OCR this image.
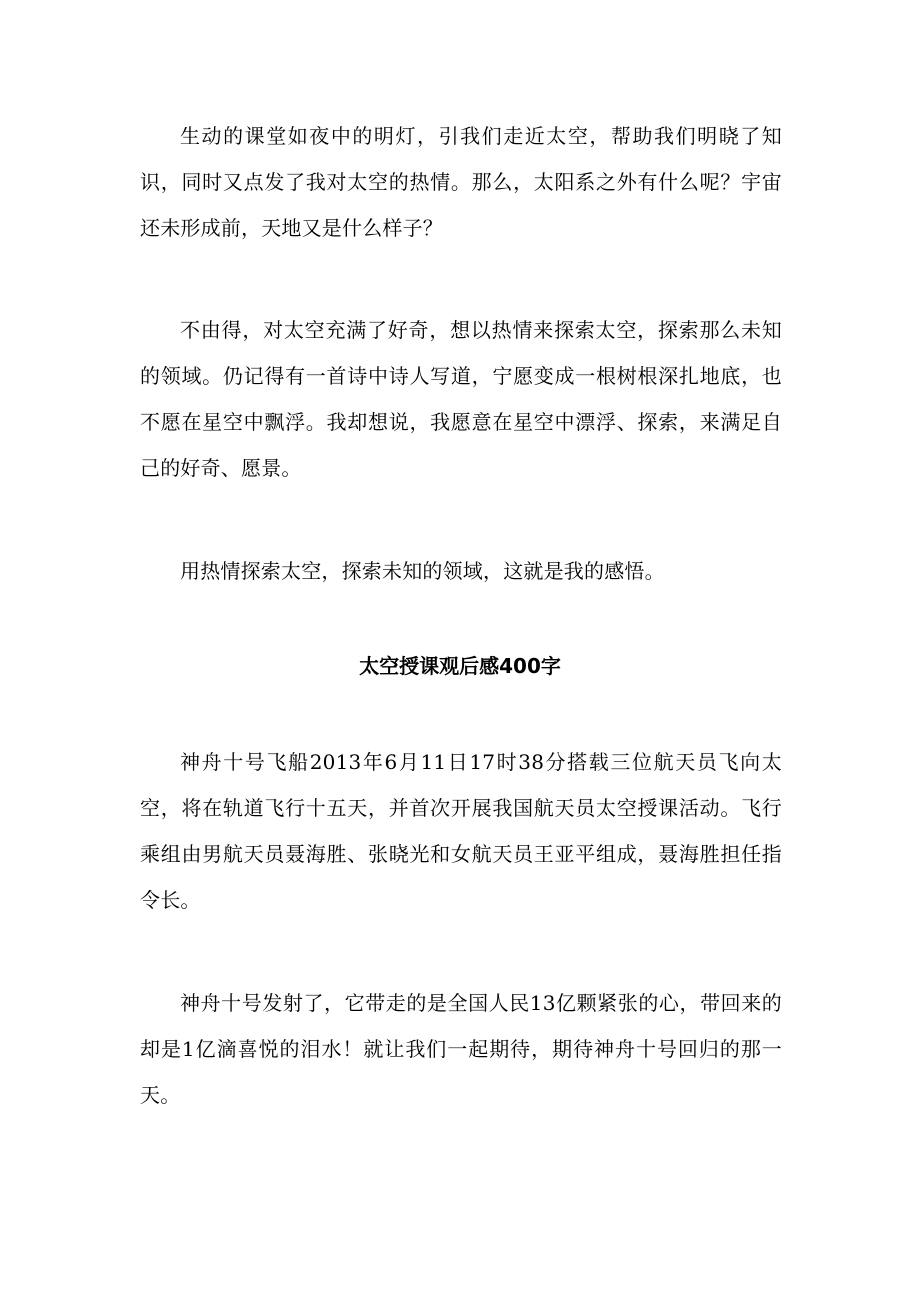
生动的课堂如夜中的明灯，引我们走近太空，帮助我们明晓了知识，同时又点发了我对太空的热情。那么，太阳系之外有什么呢？宇宙还未形成前，天地又是什么样子？

不由得，对太空充满了好奇，想以热情来探索太空，探索那么未知的领域。仍记得有一首诗中诗人写道，宁愿变成一根树根深扎地底，也不愿在星空中飘浮。我却想说，我愿意在星空中漂浮、探索，来满足自己的好奇、愿景。

用热情探索太空，探索未知的领域，这就是我的感悟。

太空授课观后感400字

神舟十号飞船2013年6月11日17时38分搭载三位航天员飞向太空，将在轨道飞行十五天，并首次开展我国航天员太空授课活动。飞行乘组由男航天员聂海胜、张晓光和女航天员王亚平组成，聂海胜担任指令长。

神舟十号发射了，它带走的是全国人民13亿颗紧张的心，带回来的却是1亿滴喜悦的泪水！就让我们一起期待，期待神舟十号回归的那一天。
